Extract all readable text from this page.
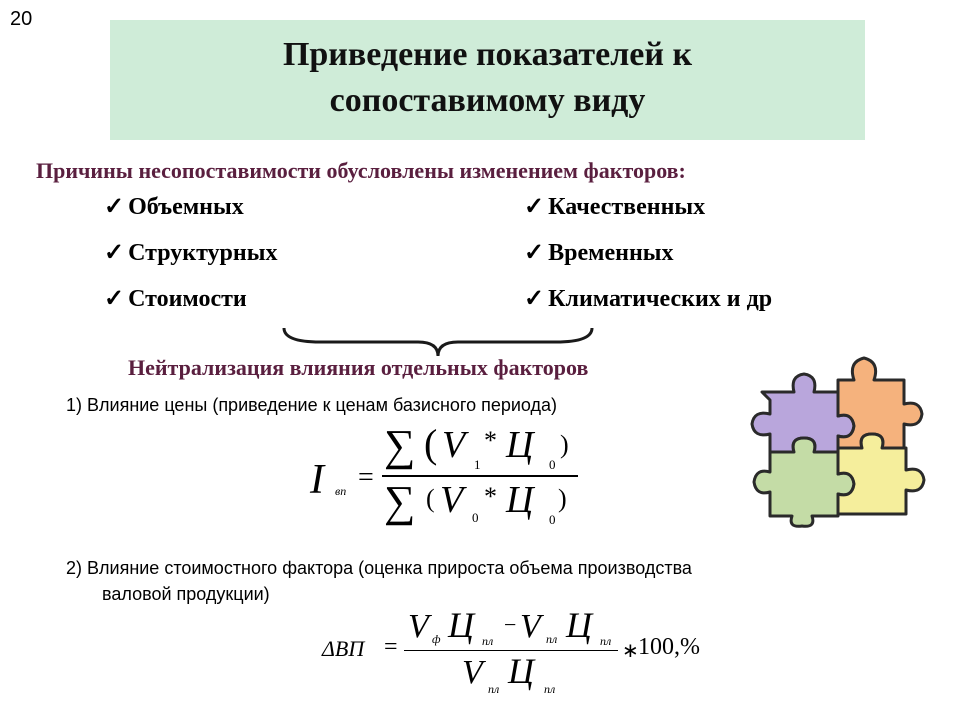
20
Приведение показателей к
сопоставимому виду
Причины несопоставимости обусловлены изменением факторов:
✓ Объемных
✓ Структурных
✓ Стоимости
✓ Качественных
✓ Временных
✓ Климатических и др
Нейтрализация влияния отдельных факторов
1) Влияние цены (приведение к ценам базисного периода)
I вп =
∑ ( V 1
* Ц 0
)
∑ ( V 0
* Ц 0
)
2) Влияние стоимостного фактора (оценка прироста объема производства
валовой продукции)
ΔВП =
V ф Ц пл
− V пл Ц пл
V пл Ц пл
∗ 100,%
